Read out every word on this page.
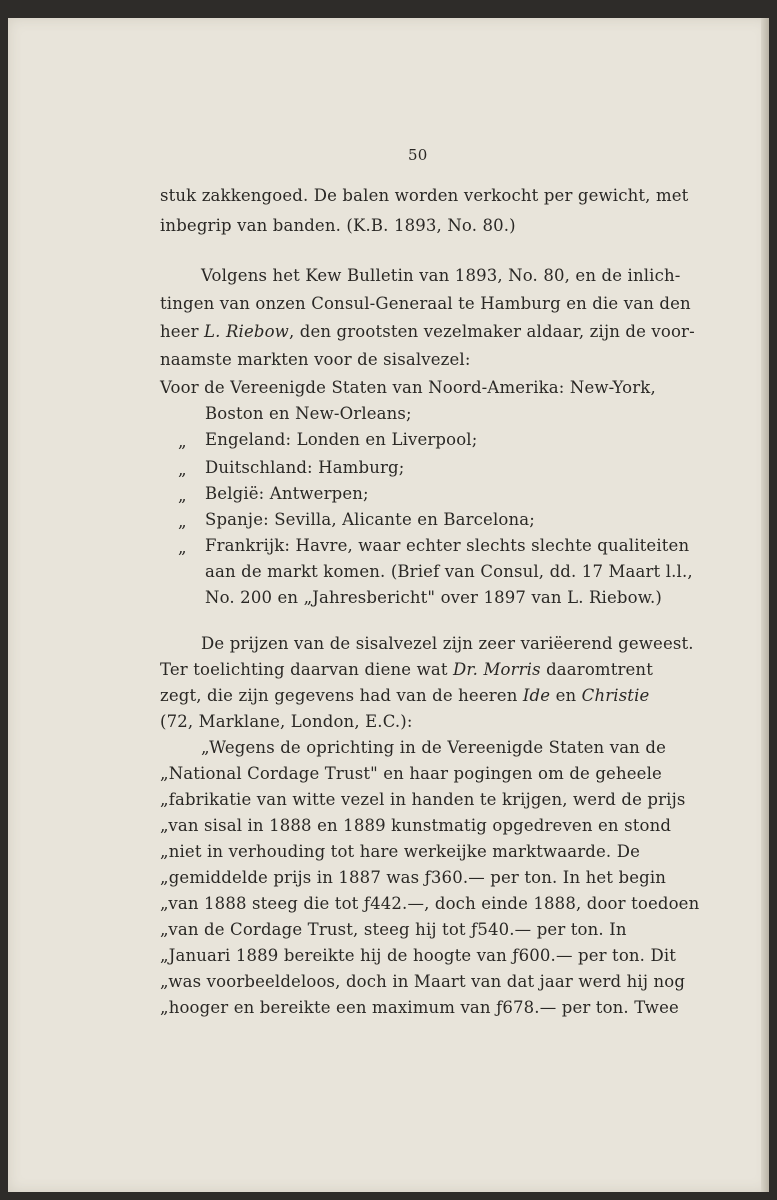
50
stuk zakkengoed. De balen worden verkocht per gewicht, met
inbegrip van banden. (K.B. 1893, No. 80.)
Volgens het Kew Bulletin van 1893, No. 80, en de inlich-
tingen van onzen Consul-Generaal te Hamburg en die van den
heer L. Riebow, den grootsten vezelmaker aldaar, zijn de voor-
naamste markten voor de sisalvezel:
Voor de Vereenigde Staten van Noord-Amerika: New-York,
Boston en New-Orleans;
„ Engeland: Londen en Liverpool;
„ Duitschland: Hamburg;
„ België: Antwerpen;
„ Spanje: Sevilla, Alicante en Barcelona;
„ Frankrijk: Havre, waar echter slechts slechte qualiteiten
aan de markt komen. (Brief van Consul, dd. 17 Maart l.l.,
No. 200 en „Jahresbericht" over 1897 van L. Riebow.)
De prijzen van de sisalvezel zijn zeer variëerend geweest.
Ter toelichting daarvan diene wat Dr. Morris daaromtrent
zegt, die zijn gegevens had van de heeren Ide en Christie
(72, Marklane, London, E.C.):
„Wegens de oprichting in de Vereenigde Staten van de
„National Cordage Trust" en haar pogingen om de geheele
„fabrikatie van witte vezel in handen te krijgen, werd de prijs
„van sisal in 1888 en 1889 kunstmatig opgedreven en stond
„niet in verhouding tot hare werkeijke marktwaarde. De
„gemiddelde prijs in 1887 was ƒ360.— per ton. In het begin
„van 1888 steeg die tot ƒ442.—, doch einde 1888, door toedoen
„van de Cordage Trust, steeg hij tot ƒ540.— per ton. In
„Januari 1889 bereikte hij de hoogte van ƒ600.— per ton. Dit
„was voorbeeldeloos, doch in Maart van dat jaar werd hij nog
„hooger en bereikte een maximum van ƒ678.— per ton. Twee
